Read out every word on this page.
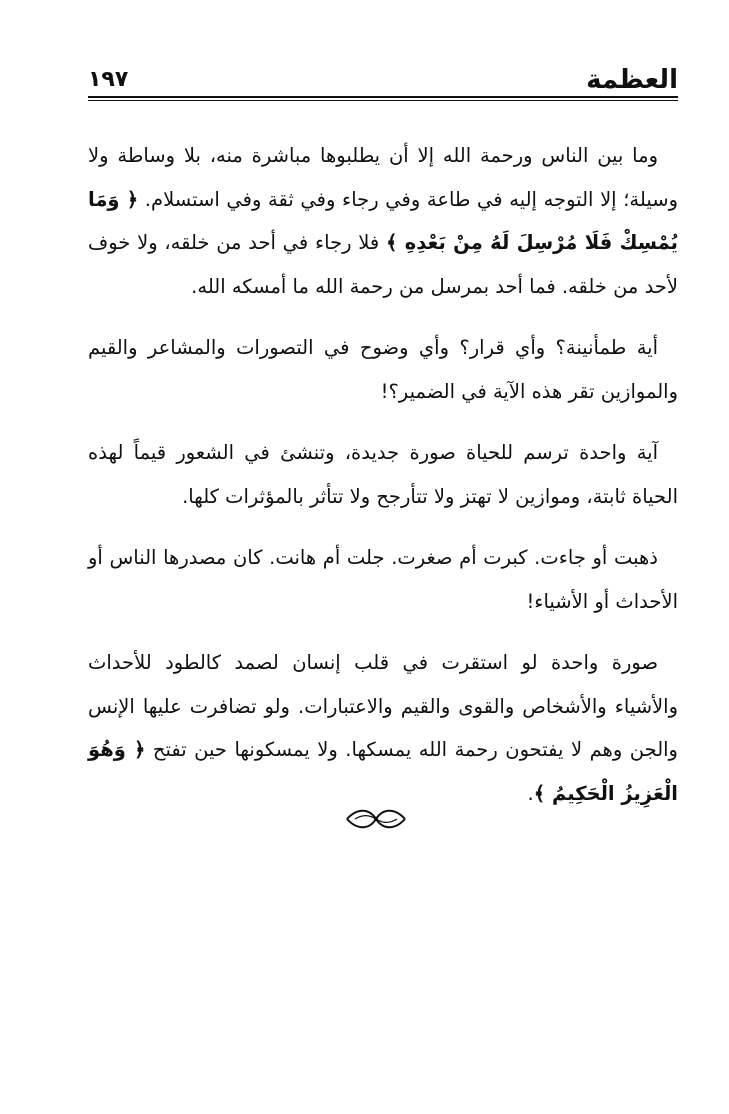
العظمة
١٩٧

وما بين الناس ورحمة الله إلا أن يطلبوها مباشرة منه، بلا وساطة ولا وسيلة؛ إلا التوجه إليه في طاعة وفي رجاء وفي ثقة وفي استسلام. ﴿ وَمَا يُمْسِكْ فَلَا مُرْسِلَ لَهُ مِنْ بَعْدِهِ ﴾ فلا رجاء في أحد من خلقه، ولا خوف لأحد من خلقه. فما أحد بمرسل من رحمة الله ما أمسكه الله.

أية طمأنينة؟ وأي قرار؟ وأي وضوح في التصورات والمشاعر والقيم والموازين تقر هذه الآية في الضمير؟!

آية واحدة ترسم للحياة صورة جديدة، وتنشئ في الشعور قيماً لهذه الحياة ثابتة، وموازين لا تهتز ولا تتأرجح ولا تتأثر بالمؤثرات كلها.

ذهبت أو جاءت. كبرت أم صغرت. جلت أم هانت. كان مصدرها الناس أو الأحداث أو الأشياء!

صورة واحدة لو استقرت في قلب إنسان لصمد كالطود للأحداث والأشياء والأشخاص والقوى والقيم والاعتبارات. ولو تضافرت عليها الإنس والجن وهم لا يفتحون رحمة الله يمسكها. ولا يمسكونها حين تفتح ﴿ وَهُوَ الْعَزِيزُ الْحَكِيمُ ﴾.
